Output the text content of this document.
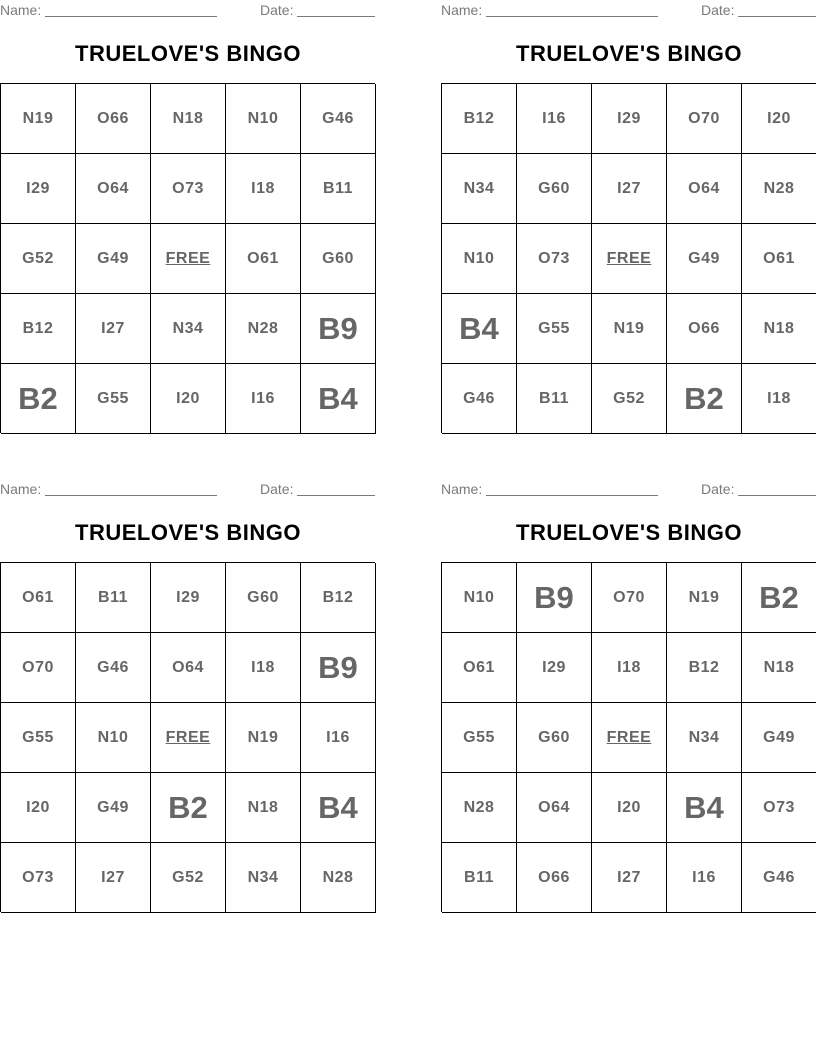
Name:	Date:
TRUELOVE'S BINGO
N19	O66	N18	N10	G46
I29	O64	O73	I18	B11
G52	G49	FREE	O61	G60
B12	I27	N34	N28	B9
B2	G55	I20	I16	B4
Name:	Date:
TRUELOVE'S BINGO
B12	I16	I29	O70	I20
N34	G60	I27	O64	N28
N10	O73	FREE	G49	O61
B4	G55	N19	O66	N18
G46	B11	G52	B2	I18
Name:	Date:
TRUELOVE'S BINGO
O61	B11	I29	G60	B12
O70	G46	O64	I18	B9
G55	N10	FREE	N19	I16
I20	G49	B2	N18	B4
O73	I27	G52	N34	N28
Name:	Date:
TRUELOVE'S BINGO
N10	B9	O70	N19	B2
O61	I29	I18	B12	N18
G55	G60	FREE	N34	G49
N28	O64	I20	B4	O73
B11	O66	I27	I16	G46
